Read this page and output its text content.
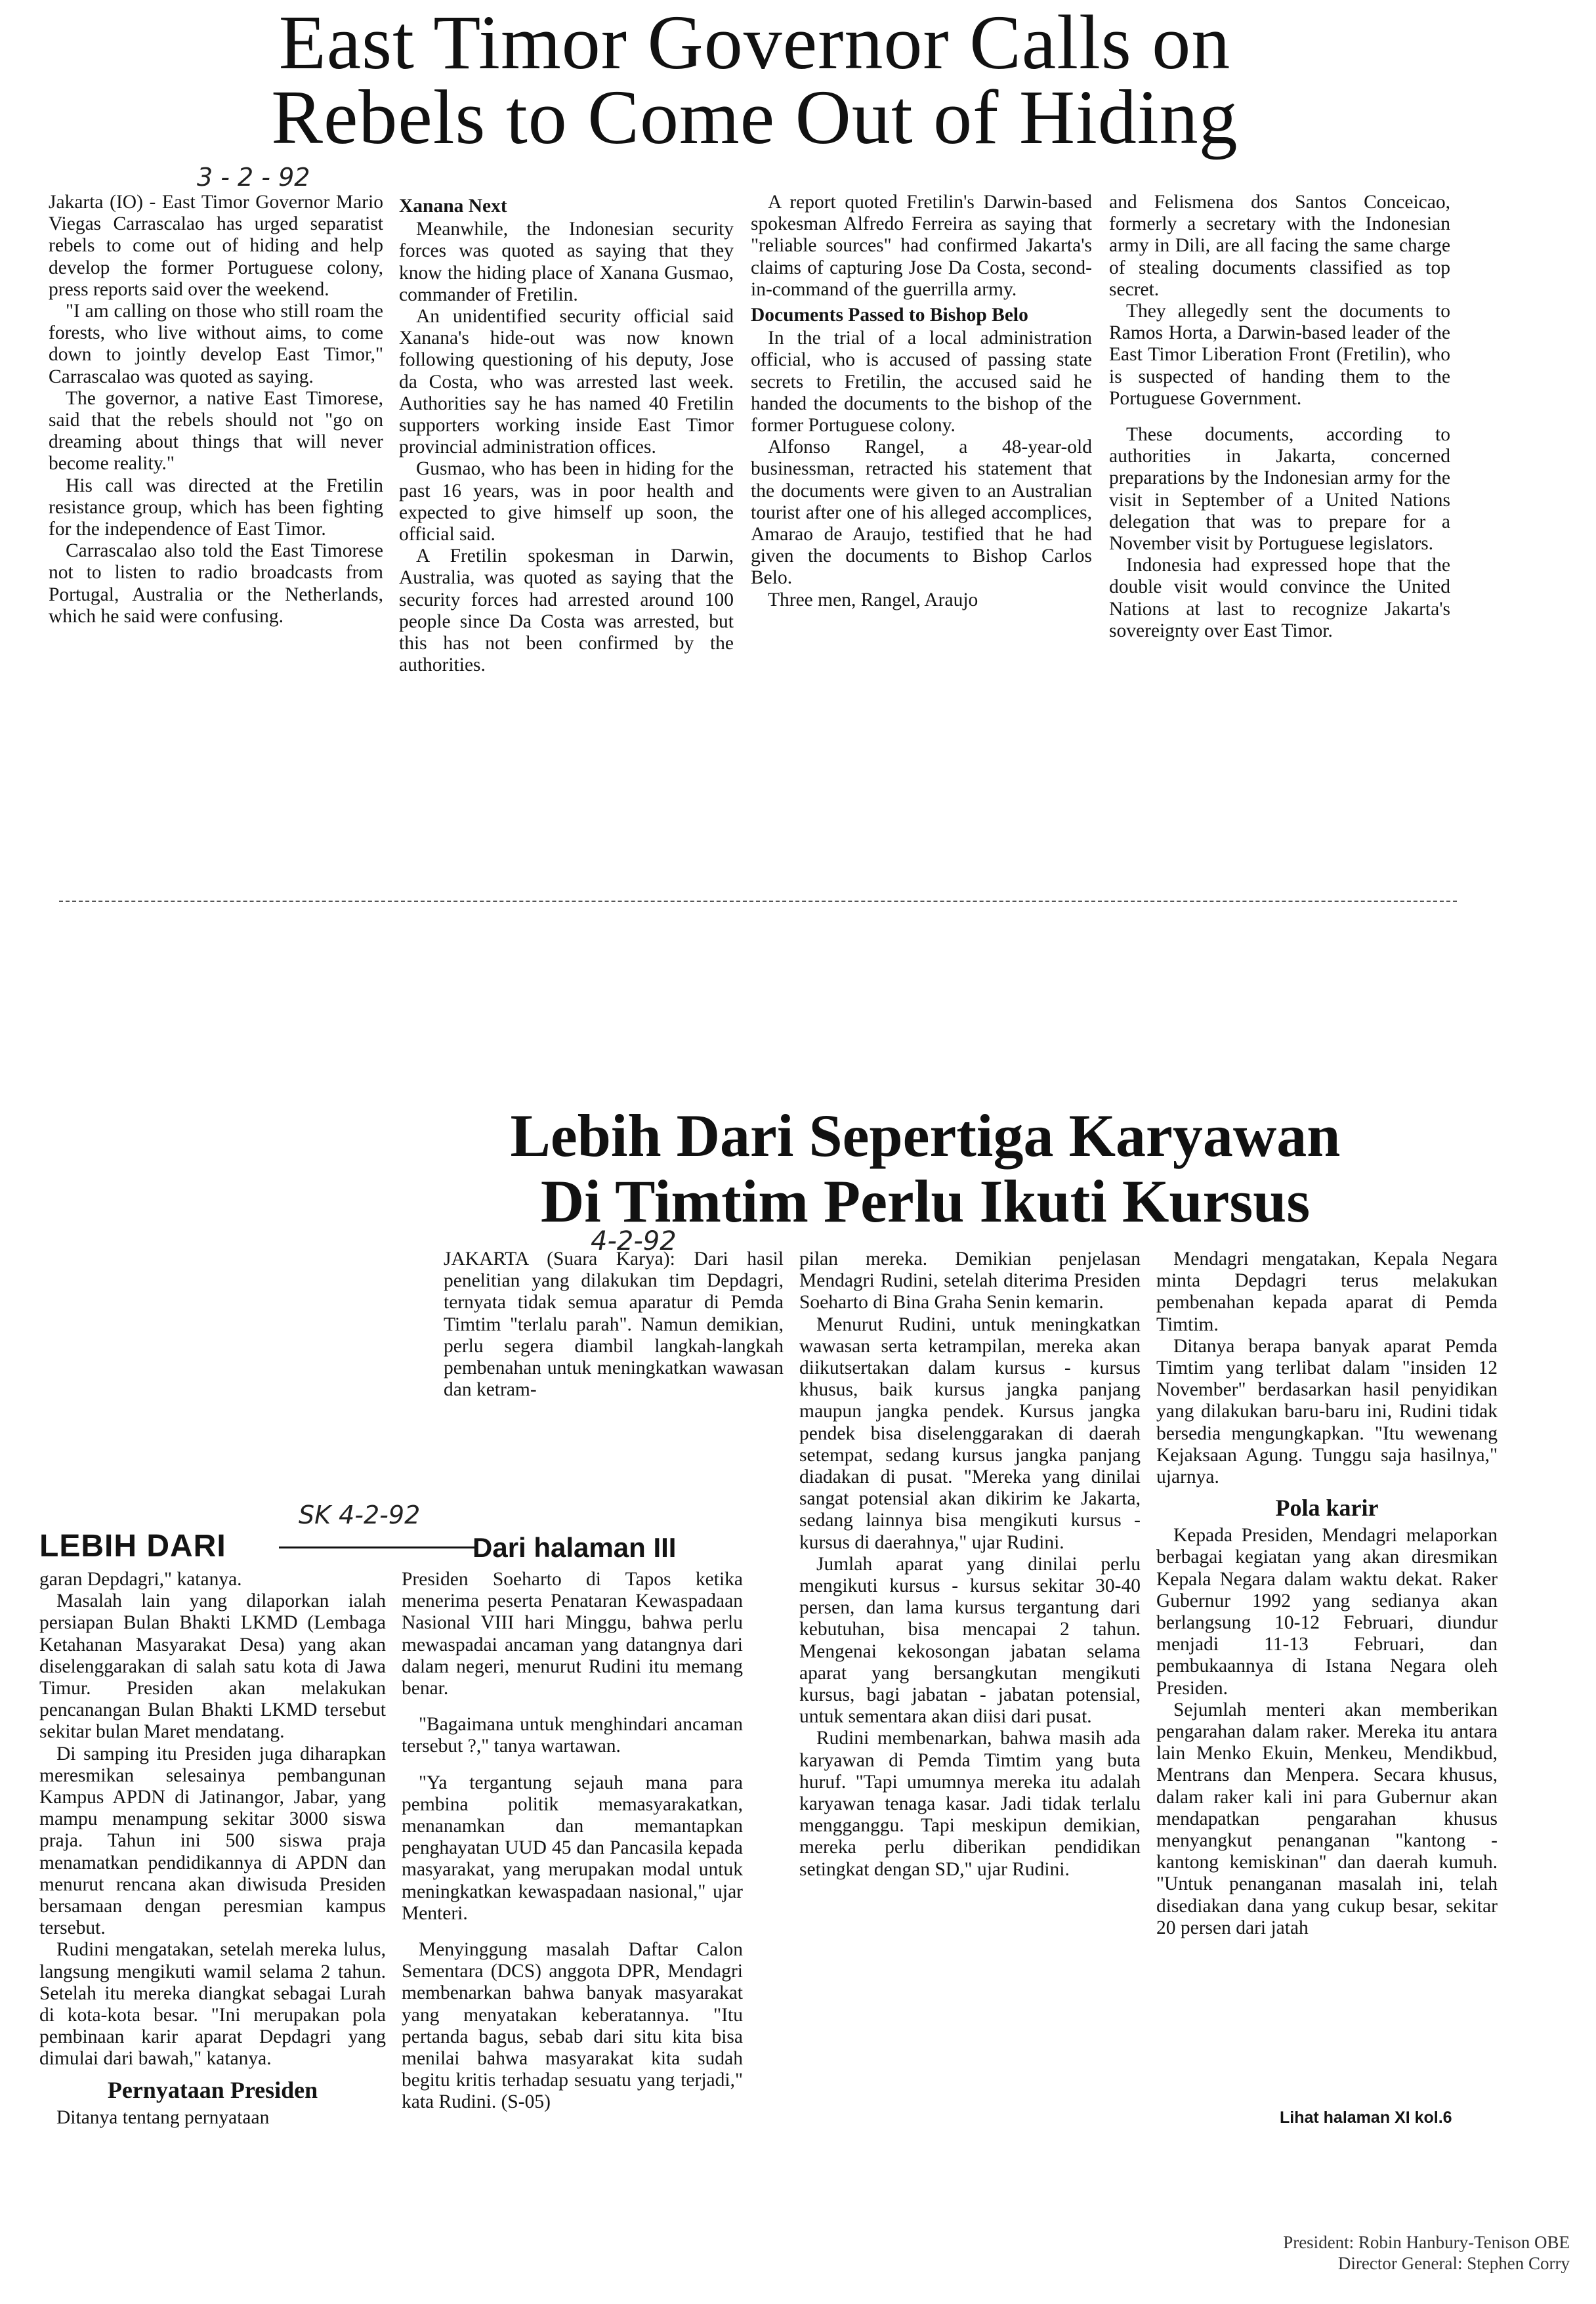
East Timor Governor Calls on
Rebels to Come Out of Hiding
3 - 2 - 92

Jakarta (IO) - East Timor Governor Mario Viegas Carrascalao has urged separatist rebels to come out of hiding and help develop the former Portuguese colony, press reports said over the weekend.

"I am calling on those who still roam the forests, who live without aims, to come down to jointly develop East Timor," Carrascalao was quoted as saying.

The governor, a native East Timorese, said that the rebels should not "go on dreaming about things that will never become reality."

His call was directed at the Fretilin resistance group, which has been fighting for the independence of East Timor.

Carrascalao also told the East Timorese not to listen to radio broadcasts from Portugal, Australia or the Netherlands, which he said were confusing.

Xanana Next

Meanwhile, the Indonesian security forces was quoted as saying that they know the hiding place of Xanana Gusmao, commander of Fretilin.

An unidentified security official said Xanana's hide-out was now known following questioning of his deputy, Jose da Costa, who was arrested last week. Authorities say he has named 40 Fretilin supporters working inside East Timor provincial administration offices.

Gusmao, who has been in hiding for the past 16 years, was in poor health and expected to give himself up soon, the official said.

A Fretilin spokesman in Darwin, Australia, was quoted as saying that the security forces had arrested around 100 people since Da Costa was arrested, but this has not been confirmed by the authorities.

A report quoted Fretilin's Darwin-based spokesman Alfredo Ferreira as saying that "reliable sources" had confirmed Jakarta's claims of capturing Jose Da Costa, second-in-command of the guerrilla army.

Documents Passed to Bishop Belo

In the trial of a local administration official, who is accused of passing state secrets to Fretilin, the accused said he handed the documents to the bishop of the former Portuguese colony.

Alfonso Rangel, a 48-year-old businessman, retracted his statement that the documents were given to an Australian tourist after one of his alleged accomplices, Amarao de Araujo, testified that he had given the documents to Bishop Carlos Belo.

Three men, Rangel, Araujo

and Felismena dos Santos Conceicao, formerly a secretary with the Indonesian army in Dili, are all facing the same charge of stealing documents classified as top secret.

They allegedly sent the documents to Ramos Horta, a Darwin-based leader of the East Timor Liberation Front (Fretilin), who is suspected of handing them to the Portuguese Government.

These documents, according to authorities in Jakarta, concerned preparations by the Indonesian army for the visit in September of a United Nations delegation that was to prepare for a November visit by Portuguese legislators.

Indonesia had expressed hope that the double visit would convince the United Nations at last to recognize Jakarta's sovereignty over East Timor.

Lebih Dari Sepertiga Karyawan
Di Timtim Perlu Ikuti Kursus
4-2-92

JAKARTA (Suara Karya): Dari hasil penelitian yang dilakukan tim Depdagri, ternyata tidak semua aparatur di Pemda Timtim "terlalu parah". Namun demikian, perlu segera diambil langkah-langkah pembenahan untuk meningkatkan wawasan dan ketram-

pilan mereka. Demikian penjelasan Mendagri Rudini, setelah diterima Presiden Soeharto di Bina Graha Senin kemarin.

Menurut Rudini, untuk meningkatkan wawasan serta ketrampilan, mereka akan diikutsertakan dalam kursus - kursus khusus, baik kursus jangka panjang maupun jangka pendek. Kursus jangka pendek bisa diselenggarakan di daerah setempat, sedang kursus jangka panjang diadakan di pusat. "Mereka yang dinilai sangat potensial akan dikirim ke Jakarta, sedang lainnya bisa mengikuti kursus - kursus di daerahnya," ujar Rudini.

Jumlah aparat yang dinilai perlu mengikuti kursus - kursus sekitar 30-40 persen, dan lama kursus tergantung dari kebutuhan, bisa mencapai 2 tahun. Mengenai kekosongan jabatan selama aparat yang bersangkutan mengikuti kursus, bagi jabatan - jabatan potensial, untuk sementara akan diisi dari pusat.

Rudini membenarkan, bahwa masih ada karyawan di Pemda Timtim yang buta huruf. "Tapi umumnya mereka itu adalah karyawan tenaga kasar. Jadi tidak terlalu mengganggu. Tapi meskipun demikian, mereka perlu diberikan pendidikan setingkat dengan SD," ujar Rudini.

Mendagri mengatakan, Kepala Negara minta Depdagri terus melakukan pembenahan kepada aparat di Pemda Timtim.

Ditanya berapa banyak aparat Pemda Timtim yang terlibat dalam "insiden 12 November" berdasarkan hasil penyidikan yang dilakukan baru-baru ini, Rudini tidak bersedia mengungkapkan. "Itu wewenang Kejaksaan Agung. Tunggu saja hasilnya," ujarnya.

Pola karir

Kepada Presiden, Mendagri melaporkan berbagai kegiatan yang akan diresmikan Kepala Negara dalam waktu dekat. Raker Gubernur 1992 yang sedianya akan berlangsung 10-12 Februari, diundur menjadi 11-13 Februari, dan pembukaannya di Istana Negara oleh Presiden.

Sejumlah menteri akan memberikan pengarahan dalam raker. Mereka itu antara lain Menko Ekuin, Menkeu, Mendikbud, Mentrans dan Menpera. Secara khusus, dalam raker kali ini para Gubernur akan mendapatkan pengarahan khusus menyangkut penanganan "kantong - kantong kemiskinan" dan daerah kumuh. "Untuk penanganan masalah ini, telah disediakan dana yang cukup besar, sekitar 20 persen dari jatah

Lihat halaman XI kol.6
LEBIH DARI
SK 4-2-92
Dari halaman III

garan Depdagri," katanya.

Masalah lain yang dilaporkan ialah persiapan Bulan Bhakti LKMD (Lembaga Ketahanan Masyarakat Desa) yang akan diselenggarakan di salah satu kota di Jawa Timur. Presiden akan melakukan pencanangan Bulan Bhakti LKMD tersebut sekitar bulan Maret mendatang.

Di samping itu Presiden juga diharapkan meresmikan selesainya pembangunan Kampus APDN di Jatinangor, Jabar, yang mampu menampung sekitar 3000 siswa praja. Tahun ini 500 siswa praja menamatkan pendidikannya di APDN dan menurut rencana akan diwisuda Presiden bersamaan dengan peresmian kampus tersebut.

Rudini mengatakan, setelah mereka lulus, langsung mengikuti wamil selama 2 tahun. Setelah itu mereka diangkat sebagai Lurah di kota-kota besar. "Ini merupakan pola pembinaan karir aparat Depdagri yang dimulai dari bawah," katanya.

Pernyataan Presiden

Ditanya tentang pernyataan

Presiden Soeharto di Tapos ketika menerima peserta Penataran Kewaspadaan Nasional VIII hari Minggu, bahwa perlu mewaspadai ancaman yang datangnya dari dalam negeri, menurut Rudini itu memang benar.

"Bagaimana untuk menghindari ancaman tersebut ?," tanya wartawan.

"Ya tergantung sejauh mana para pembina politik memasyarakatkan, menanamkan dan memantapkan penghayatan UUD 45 dan Pancasila kepada masyarakat, yang merupakan modal untuk meningkatkan kewaspadaan nasional," ujar Menteri.

Menyinggung masalah Daftar Calon Sementara (DCS) anggota DPR, Mendagri membenarkan bahwa banyak masyarakat yang menyatakan keberatannya. "Itu pertanda bagus, sebab dari situ kita bisa menilai bahwa masyarakat kita sudah begitu kritis terhadap sesuatu yang terjadi," kata Rudini. (S-05)

President: Robin Hanbury-Tenison OBE
Director General: Stephen Corry
